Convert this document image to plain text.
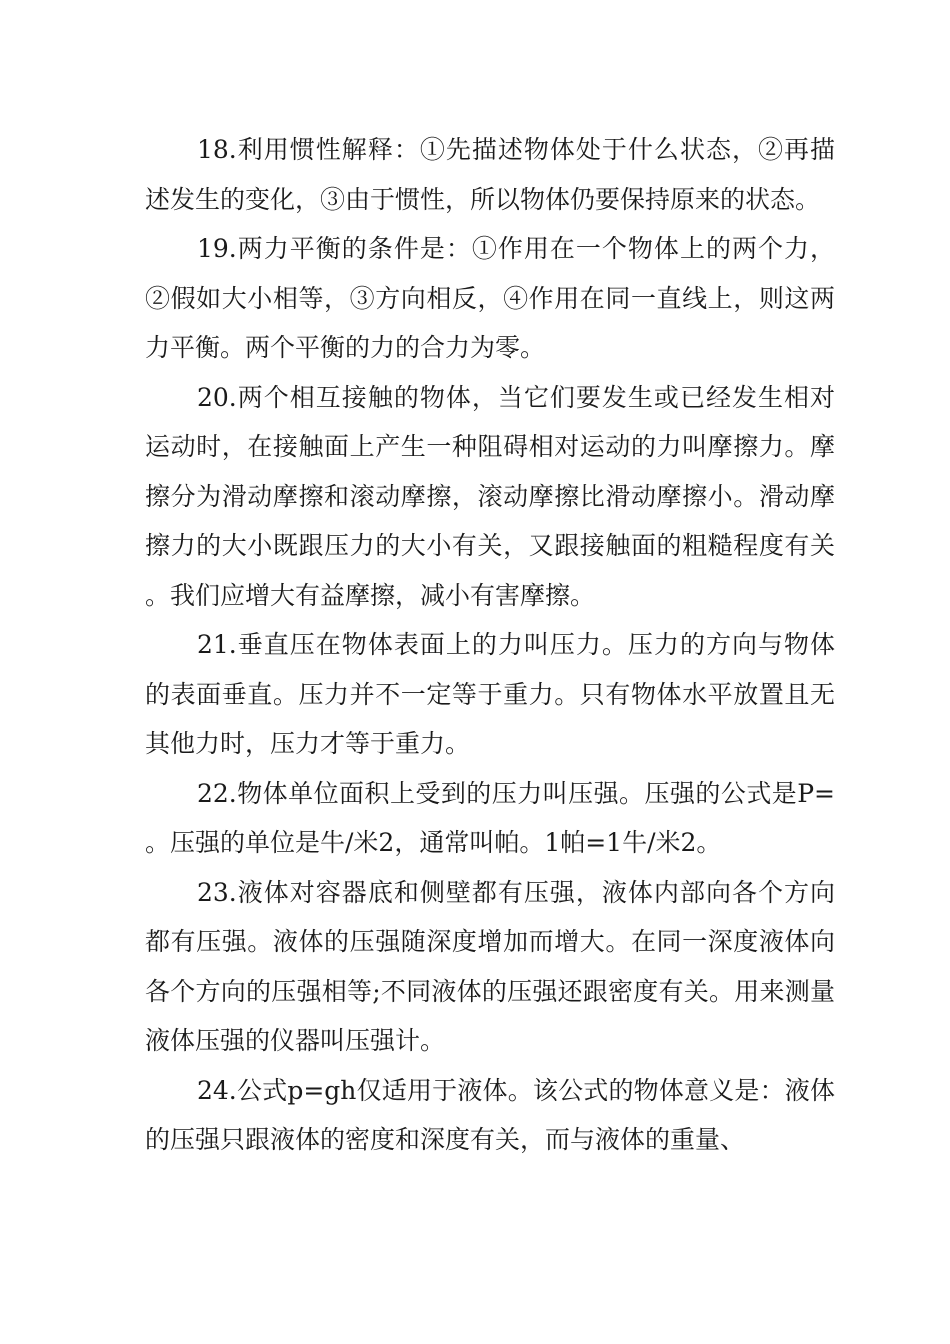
18.利用惯性解释：①先描述物体处于什么状态，②再描述发生的变化，③由于惯性，所以物体仍要保持原来的状态。

19.两力平衡的条件是：①作用在一个物体上的两个力，②假如大小相等，③方向相反，④作用在同一直线上，则这两力平衡。两个平衡的力的合力为零。

20.两个相互接触的物体，当它们要发生或已经发生相对运动时，在接触面上产生一种阻碍相对运动的力叫摩擦力。摩擦分为滑动摩擦和滚动摩擦，滚动摩擦比滑动摩擦小。滑动摩擦力的大小既跟压力的大小有关，又跟接触面的粗糙程度有关。我们应增大有益摩擦，减小有害摩擦。

21.垂直压在物体表面上的力叫压力。压力的方向与物体的表面垂直。压力并不一定等于重力。只有物体水平放置且无其他力时，压力才等于重力。

22.物体单位面积上受到的压力叫压强。压强的公式是P=。压强的单位是牛/米2，通常叫帕。1帕=1牛/米2。

23.液体对容器底和侧壁都有压强，液体内部向各个方向都有压强。液体的压强随深度增加而增大。在同一深度液体向各个方向的压强相等;不同液体的压强还跟密度有关。用来测量液体压强的仪器叫压强计。

24.公式p=gh仅适用于液体。该公式的物体意义是：液体的压强只跟液体的密度和深度有关，而与液体的重量、
